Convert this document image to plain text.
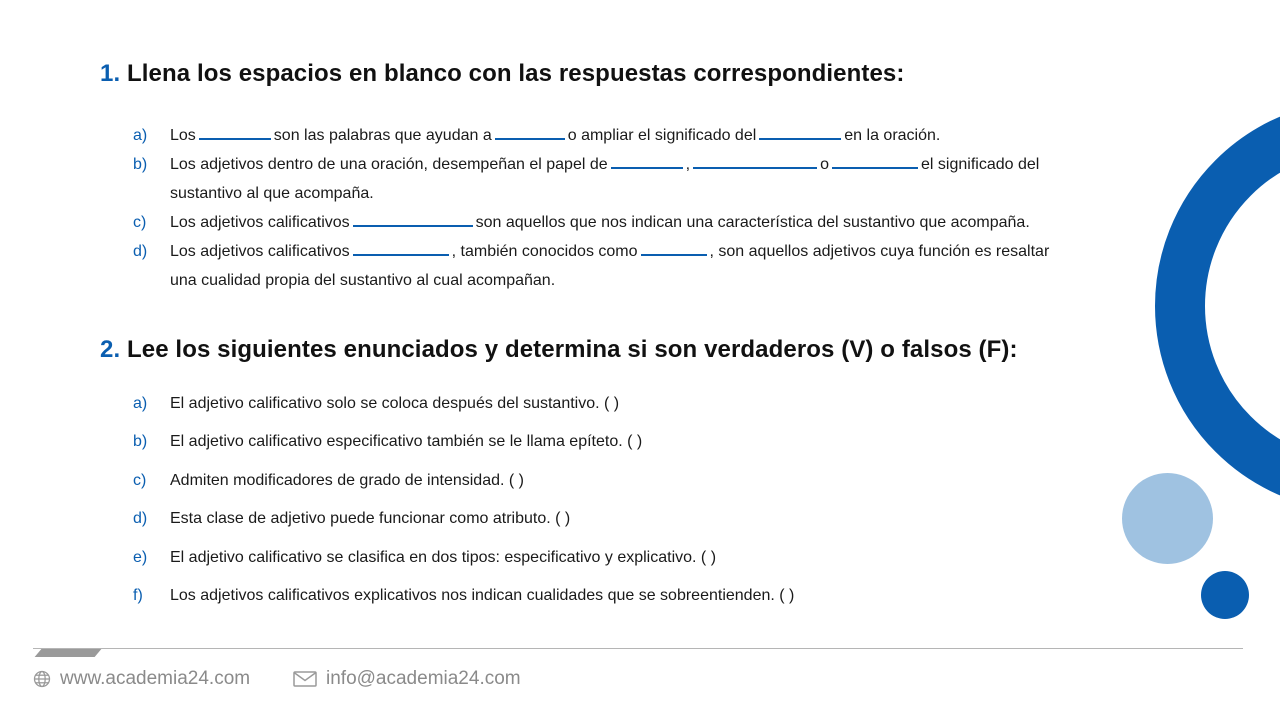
1. Llena los espacios en blanco con las respuestas correspondientes:
a) Los	son las palabras que ayudan a	o ampliar el significado del	en la oración.
b) Los adjetivos dentro de una oración, desempeñan el papel de	,	o	el significado del sustantivo al que acompaña.
c) Los adjetivos calificativos	son aquellos que nos indican una característica del sustantivo que acompaña.
d) Los adjetivos calificativos	, también conocidos como	, son aquellos adjetivos cuya función es resaltar una cualidad propia del sustantivo al cual acompañan.
2. Lee los siguientes enunciados y determina si son verdaderos (V) o falsos (F):
a) El adjetivo calificativo solo se coloca después del sustantivo. ( )
b) El adjetivo calificativo especificativo también se le llama epíteto. ( )
c) Admiten modificadores de grado de intensidad. ( )
d) Esta clase de adjetivo puede funcionar como atributo. ( )
e) El adjetivo calificativo se clasifica en dos tipos: especificativo y explicativo. ( )
f) Los adjetivos calificativos explicativos nos indican cualidades que se sobreentienden. ( )
www.academia24.com	info@academia24.com
